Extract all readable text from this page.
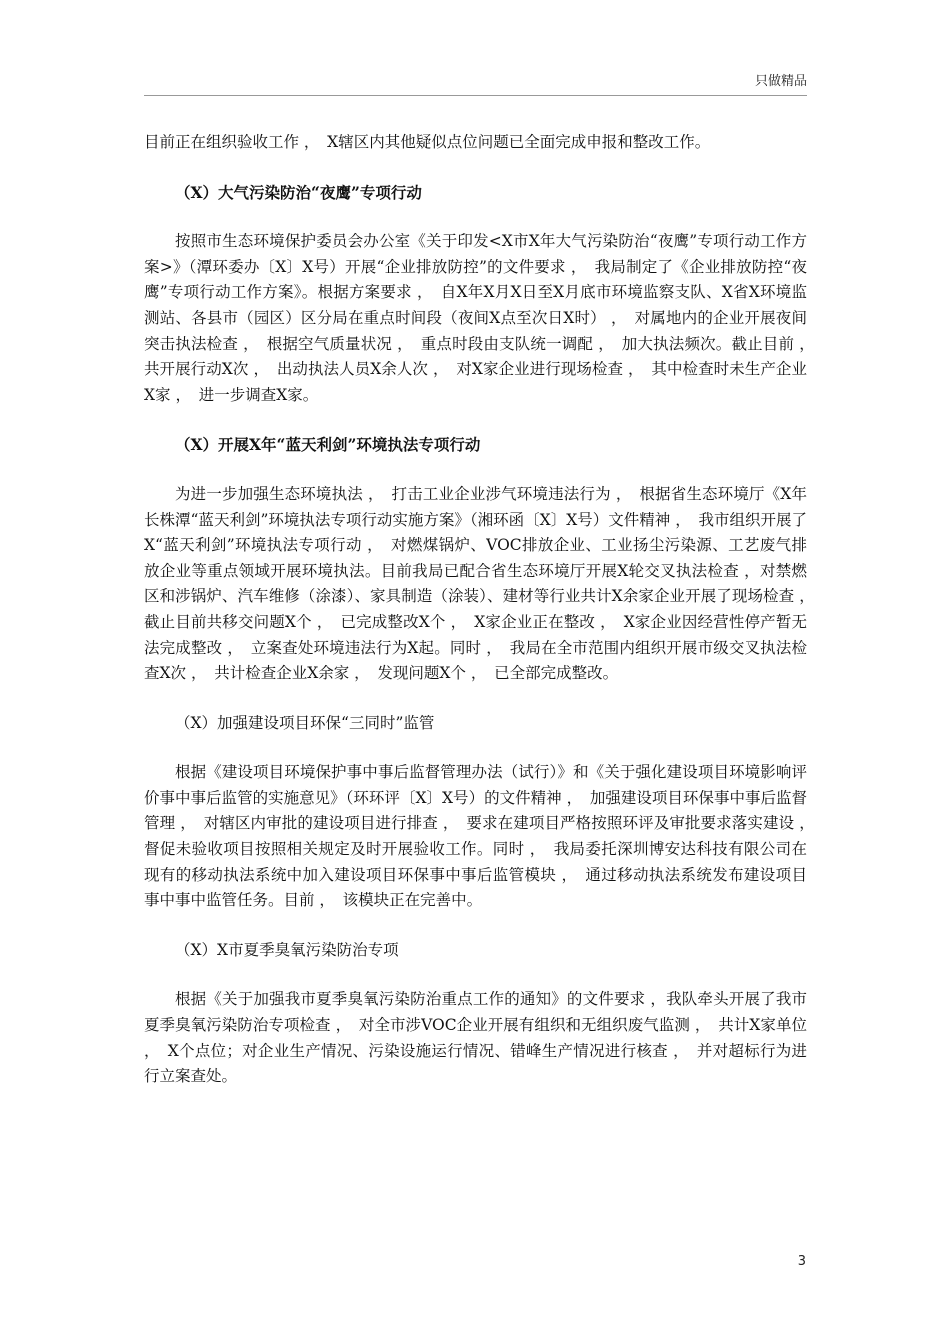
只做精品

目前正在组织验收工作 ，　X辖区内其他疑似点位问题已全面完成申报和整改工作。

（X）大气污染防治“夜鹰”专项行动

按照市生态环境保护委员会办公室《关于印发<X市X年大气污染防治“夜鹰”专项行动工作方案>》（潭环委办〔X〕X号）开展“企业排放防控”的文件要求 ，　我局制定了《企业排放防控“夜鹰”专项行动工作方案》。根据方案要求 ，　自X年X月X日至X月底市环境监察支队、X省X环境监测站、各县市（园区）区分局在重点时间段（夜间X点至次日X时） ，　对属地内的企业开展夜间突击执法检查 ，　根据空气质量状况 ，　重点时段由支队统一调配 ，　加大执法频次。截止目前 ，　共开展行动X次 ，　出动执法人员X余人次 ，　对X家企业进行现场检查 ，　其中检查时未生产企业X家 ，　进一步调查X家。

（X）开展X年“蓝天利剑”环境执法专项行动

为进一步加强生态环境执法 ，　打击工业企业涉气环境违法行为 ，　根据省生态环境厅《X年长株潭“蓝天利剑”环境执法专项行动实施方案》（湘环函〔X〕X号）文件精神 ，　我市组织开展了X“蓝天利剑”环境执法专项行动 ，　对燃煤锅炉、VOC排放企业、工业扬尘污染源、工艺废气排放企业等重点领域开展环境执法。目前我局已配合省生态环境厅开展X轮交叉执法检查 ，对禁燃区和涉锅炉、汽车维修（涂漆）、家具制造（涂装）、建材等行业共计X余家企业开展了现场检查 ，　截止目前共移交问题X个 ，　已完成整改X个 ，　X家企业正在整改 ，　X家企业因经营性停产暂无法完成整改 ，　立案查处环境违法行为X起。同时 ，　我局在全市范围内组织开展市级交叉执法检查X次 ，　共计检查企业X余家 ，　发现问题X个 ，　已全部完成整改。

（X）加强建设项目环保“三同时”监管

根据《建设项目环境保护事中事后监督管理办法（试行）》和《关于强化建设项目环境影响评价事中事后监管的实施意见》（环环评〔X〕X号）的文件精神 ，　加强建设项目环保事中事后监督管理 ，　对辖区内审批的建设项目进行排查 ，　要求在建项目严格按照环评及审批要求落实建设 ，　督促未验收项目按照相关规定及时开展验收工作。同时 ，　我局委托深圳博安达科技有限公司在现有的移动执法系统中加入建设项目环保事中事后监管模块 ，　通过移动执法系统发布建设项目事中事中监管任务。目前 ，　该模块正在完善中。

（X）X市夏季臭氧污染防治专项

根据《关于加强我市夏季臭氧污染防治重点工作的通知》的文件要求 ，我队牵头开展了我市夏季臭氧污染防治专项检查 ，　对全市涉VOC企业开展有组织和无组织废气监测 ，　共计X家单位 ，　X个点位；对企业生产情况、污染设施运行情况、错峰生产情况进行核查 ，　并对超标行为进行立案查处。

3
